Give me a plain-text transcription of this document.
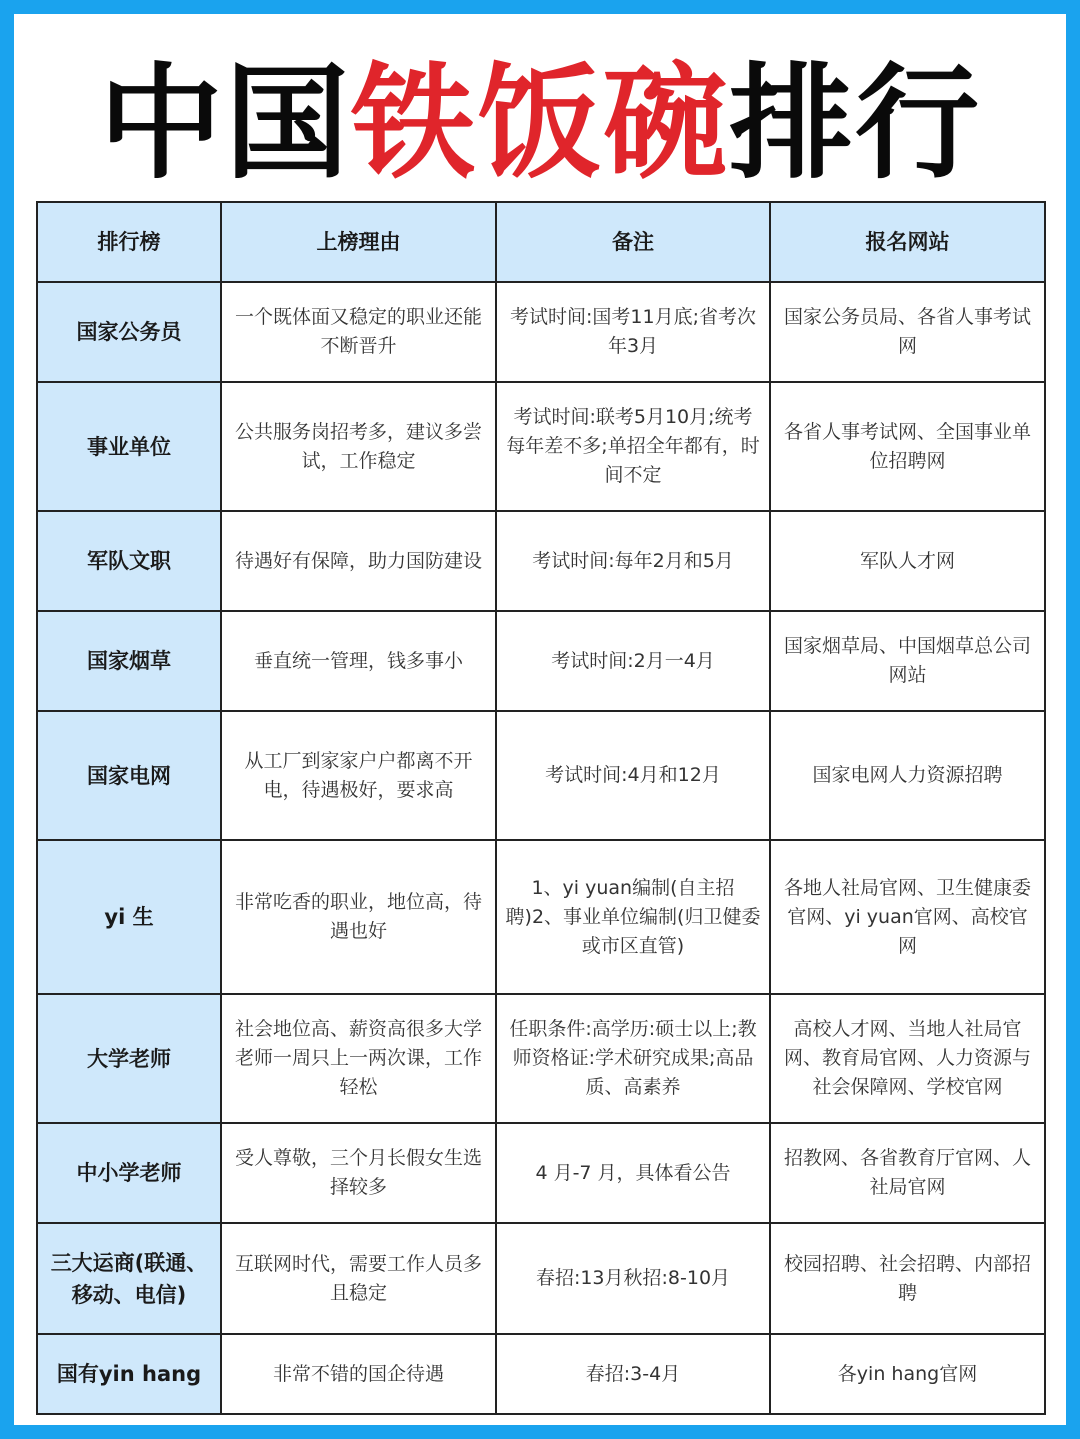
中国铁饭碗排行
排行榜	上榜理由	备注	报名网站
国家公务员	一个既体面又稳定的职业还能不断晋升	考试时间:国考11月底;省考次年3月	国家公务员局、各省人事考试网
事业单位	公共服务岗招考多，建议多尝试，工作稳定	考试时间:联考5月10月;统考每年差不多;单招全年都有，时间不定	各省人事考试网、全国事业单位招聘网
军队文职	待遇好有保障，助力国防建设	考试时间:每年2月和5月	军队人才网
国家烟草	垂直统一管理，钱多事小	考试时间:2月一4月	国家烟草局、中国烟草总公司网站
国家电网	从工厂到家家户户都离不开电，待遇极好，要求高	考试时间:4月和12月	国家电网人力资源招聘
yi 生	非常吃香的职业，地位高，待遇也好	1、yi yuan编制(自主招聘)2、事业单位编制(归卫健委或市区直管)	各地人社局官网、卫生健康委官网、yi yuan官网、高校官网
大学老师	社会地位高、薪资高很多大学老师一周只上一两次课，工作轻松	任职条件:高学历:硕士以上;教师资格证:学术研究成果;高品质、高素养	高校人才网、当地人社局官网、教育局官网、人力资源与社会保障网、学校官网
中小学老师	受人尊敬，三个月长假女生选择较多	4 月-7 月，具体看公告	招教网、各省教育厅官网、人社局官网
三大运商(联通、移动、电信)	互联网时代，需要工作人员多且稳定	春招:13月秋招:8-10月	校园招聘、社会招聘、内部招聘
国有yin hang	非常不错的国企待遇	春招:3-4月	各yin hang官网
